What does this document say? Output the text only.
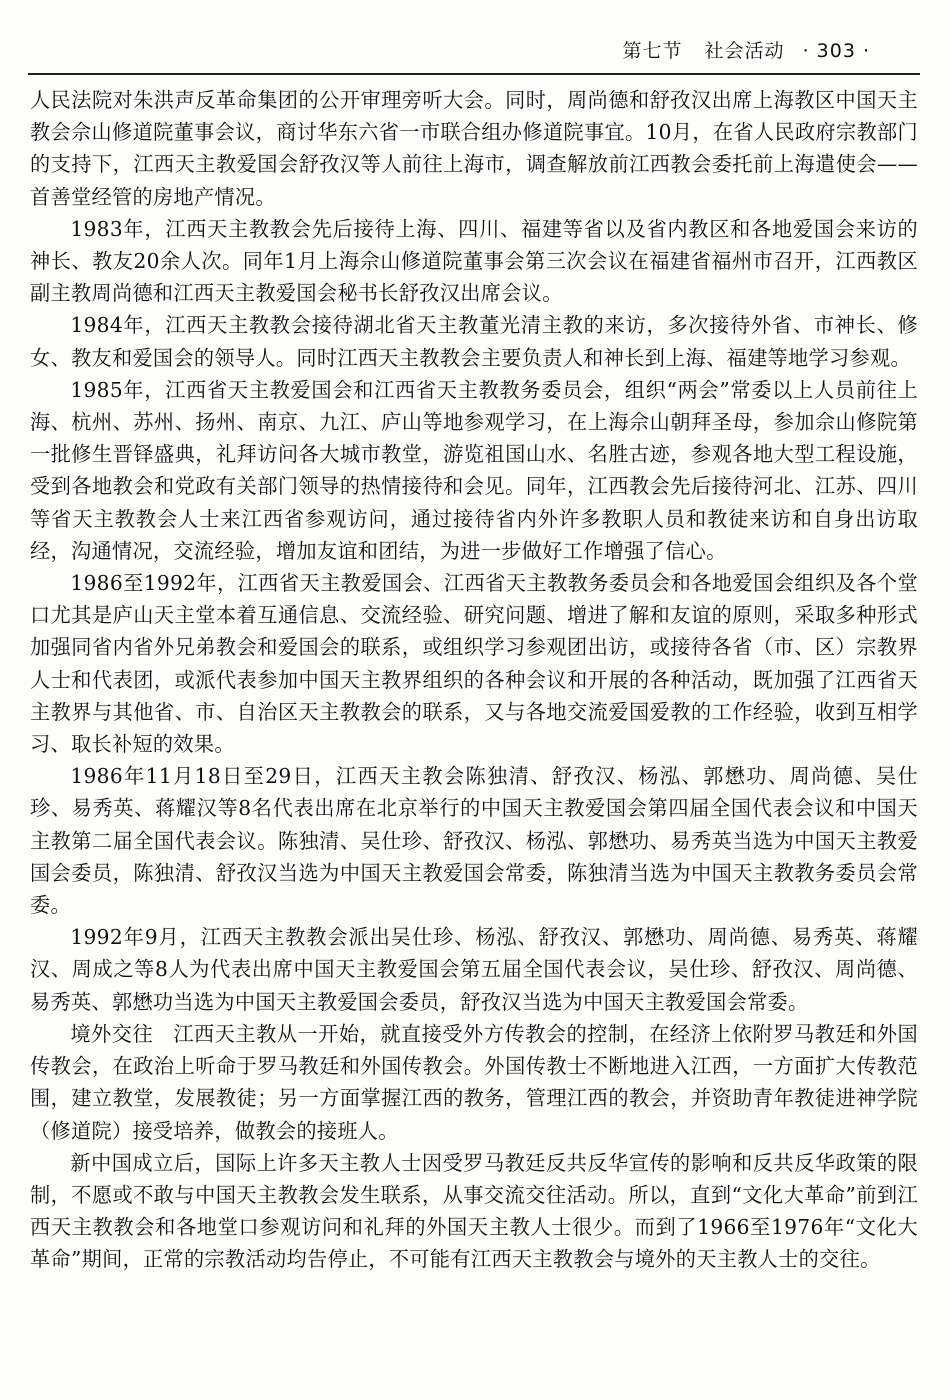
第七节 社会活动 · 303 ·

人民法院对朱洪声反革命集团的公开审理旁听大会。同时，周尚德和舒孜汉出席上海教区中国天主教会佘山修道院董事会议，商讨华东六省一市联合组办修道院事宜。10月，在省人民政府宗教部门的支持下，江西天主教爱国会舒孜汉等人前往上海市，调查解放前江西教会委托前上海遣使会——首善堂经管的房地产情况。

1983年，江西天主教教会先后接待上海、四川、福建等省以及省内教区和各地爱国会来访的神长、教友20余人次。同年1月上海佘山修道院董事会第三次会议在福建省福州市召开，江西教区副主教周尚德和江西天主教爱国会秘书长舒孜汉出席会议。

1984年，江西天主教教会接待湖北省天主教董光清主教的来访，多次接待外省、市神长、修女、教友和爱国会的领导人。同时江西天主教教会主要负责人和神长到上海、福建等地学习参观。

1985年，江西省天主教爱国会和江西省天主教教务委员会，组织“两会”常委以上人员前往上海、杭州、苏州、扬州、南京、九江、庐山等地参观学习，在上海佘山朝拜圣母，参加佘山修院第一批修生晋铎盛典，礼拜访问各大城市教堂，游览祖国山水、名胜古迹，参观各地大型工程设施，受到各地教会和党政有关部门领导的热情接待和会见。同年，江西教会先后接待河北、江苏、四川等省天主教教会人士来江西省参观访问，通过接待省内外许多教职人员和教徒来访和自身出访取经，沟通情况，交流经验，增加友谊和团结，为进一步做好工作增强了信心。

1986至1992年，江西省天主教爱国会、江西省天主教教务委员会和各地爱国会组织及各个堂口尤其是庐山天主堂本着互通信息、交流经验、研究问题、增进了解和友谊的原则，采取多种形式加强同省内省外兄弟教会和爱国会的联系，或组织学习参观团出访，或接待各省（市、区）宗教界人士和代表团，或派代表参加中国天主教界组织的各种会议和开展的各种活动，既加强了江西省天主教界与其他省、市、自治区天主教教会的联系，又与各地交流爱国爱教的工作经验，收到互相学习、取长补短的效果。

1986年11月18日至29日，江西天主教会陈独清、舒孜汉、杨泓、郭懋功、周尚德、吴仕珍、易秀英、蒋耀汉等8名代表出席在北京举行的中国天主教爱国会第四届全国代表会议和中国天主教第二届全国代表会议。陈独清、吴仕珍、舒孜汉、杨泓、郭懋功、易秀英当选为中国天主教爱国会委员，陈独清、舒孜汉当选为中国天主教爱国会常委，陈独清当选为中国天主教教务委员会常委。

1992年9月，江西天主教教会派出吴仕珍、杨泓、舒孜汉、郭懋功、周尚德、易秀英、蒋耀汉、周成之等8人为代表出席中国天主教爱国会第五届全国代表会议，吴仕珍、舒孜汉、周尚德、易秀英、郭懋功当选为中国天主教爱国会委员，舒孜汉当选为中国天主教爱国会常委。

境外交往 江西天主教从一开始，就直接受外方传教会的控制，在经济上依附罗马教廷和外国传教会，在政治上听命于罗马教廷和外国传教会。外国传教士不断地进入江西，一方面扩大传教范围，建立教堂，发展教徒；另一方面掌握江西的教务，管理江西的教会，并资助青年教徒进神学院（修道院）接受培养，做教会的接班人。

新中国成立后，国际上许多天主教人士因受罗马教廷反共反华宣传的影响和反共反华政策的限制，不愿或不敢与中国天主教教会发生联系，从事交流交往活动。所以，直到“文化大革命”前到江西天主教教会和各地堂口参观访问和礼拜的外国天主教人士很少。而到了1966至1976年“文化大革命”期间，正常的宗教活动均告停止，不可能有江西天主教教会与境外的天主教人士的交往。
